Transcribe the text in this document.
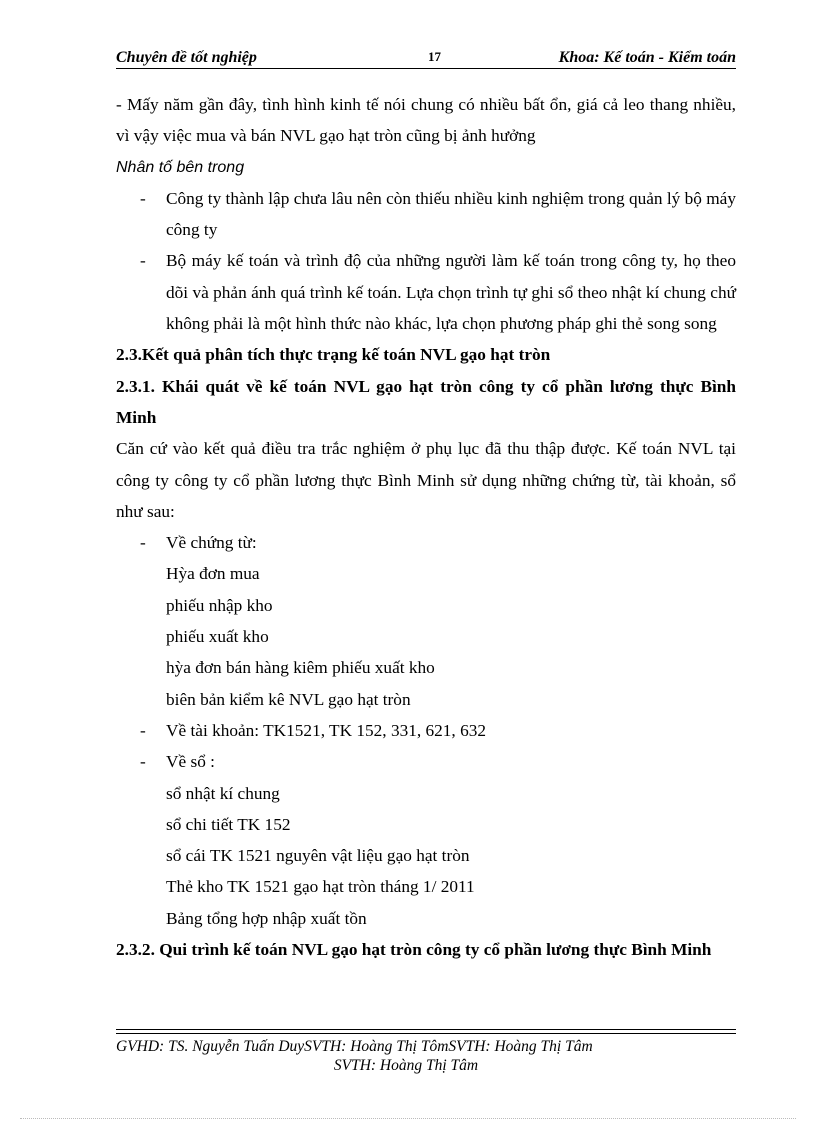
Chuyên đề tốt nghiệp	17	Khoa: Kế toán - Kiểm toán

- Mấy năm gần đây, tình hình kinh tế nói chung có nhiều bất ổn, giá cả leo thang nhiều, vì vậy việc mua và bán NVL gạo hạt tròn cũng bị ảnh hưởng

Nhân tố bên trong

- Công ty thành lập chưa lâu nên còn thiếu nhiều kinh nghiệm trong quản lý bộ máy công ty

- Bộ máy kế toán và trình độ của những người làm kế toán trong công ty, họ theo dõi và phản ánh quá trình kế toán. Lựa chọn trình tự ghi sổ theo nhật kí chung chứ không phải là một hình thức nào khác, lựa chọn phương pháp ghi thẻ song song

2.3.Kết quả phân tích thực trạng kế toán NVL gạo hạt tròn

2.3.1. Khái quát về kế toán NVL gạo hạt tròn công ty cổ phần lương thực Bình Minh

Căn cứ vào kết quả điều tra trắc nghiệm ở phụ lục đã thu thập được. Kế toán NVL tại công ty công ty cổ phần lương thực Bình Minh sử dụng những chứng từ, tài khoản, sổ như sau:

- Về chứng từ:

Hỳa đơn mua

phiếu nhập kho

phiếu xuất kho

hỳa đơn bán hàng kiêm phiếu xuất kho

biên bản kiểm kê NVL gạo hạt tròn

- Về tài khoản: TK1521, TK 152, 331, 621, 632

- Về sổ :

sổ nhật kí chung

sổ chi tiết TK 152

sổ cái TK 1521 nguyên vật liệu gạo hạt tròn

Thẻ kho TK 1521 gạo hạt tròn tháng 1/ 2011

Bảng tổng hợp nhập xuất tồn

2.3.2. Qui trình kế toán NVL gạo hạt tròn công ty cổ phần lương thực Bình Minh

GVHD: TS. Nguyễn Tuấn DuySVTH: Hoàng Thị TômSVTH: Hoàng Thị Tâm
SVTH: Hoàng Thị Tâm
